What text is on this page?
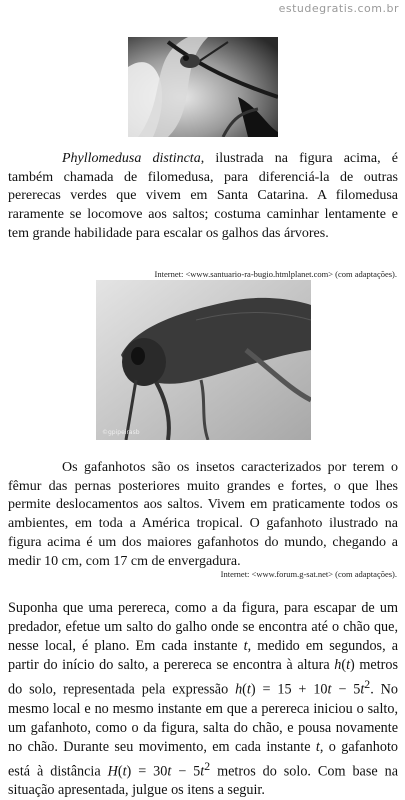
estudegratis.com.br

Phyllomedusa distincta, ilustrada na figura acima, é também chamada de filomedusa, para diferenciá-la de outras pererecas verdes que vivem em Santa Catarina. A filomedusa raramente se locomove aos saltos; costuma caminhar lentamente e tem grande habilidade para escalar os galhos das árvores.

Internet: <www.santuario-ra-bugio.htmlplanet.com> (com adaptações).
©gpipeirasb

Os gafanhotos são os insetos caracterizados por terem o fêmur das pernas posteriores muito grandes e fortes, o que lhes permite deslocamentos aos saltos. Vivem em praticamente todos os ambientes, em toda a América tropical. O gafanhoto ilustrado na figura acima é um dos maiores gafanhotos do mundo, chegando a medir 10 cm, com 17 cm de envergadura.

Internet: <www.forum.g-sat.net> (com adaptações).

Suponha que uma perereca, como a da figura, para escapar de um predador, efetue um salto do galho onde se encontra até o chão que, nesse local, é plano. Em cada instante t, medido em segundos, a partir do início do salto, a perereca se encontra à altura h(t) metros do solo, representada pela expressão $h(t) = 15 + 10t - 5t^2$. No mesmo local e no mesmo instante em que a perereca iniciou o salto, um gafanhoto, como o da figura, salta do chão, e pousa novamente no chão. Durante seu movimento, em cada instante t, o gafanhoto está à distância $H(t) = 30t - 5t^2$ metros do solo. Com base na situação apresentada, julgue os itens a seguir.
